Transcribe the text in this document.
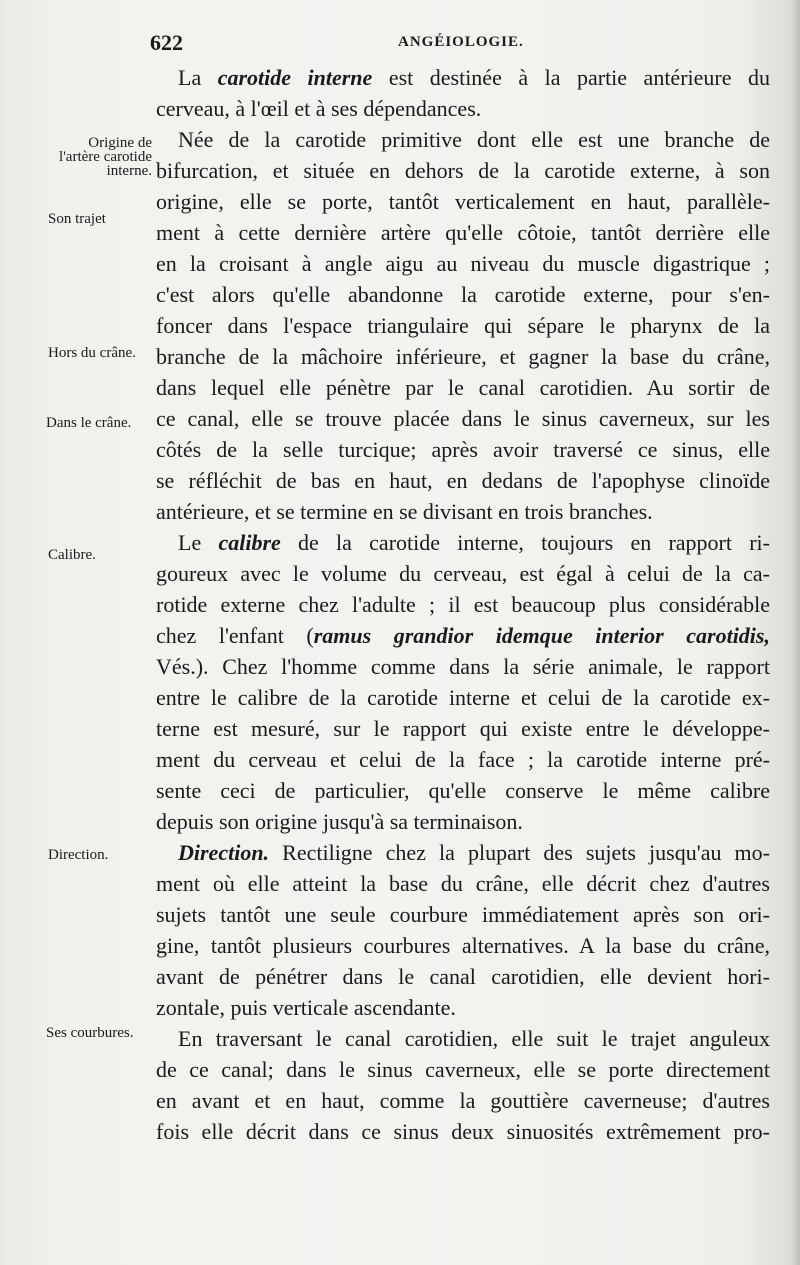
622	ANGÉIOLOGIE.
Origine de
l'artère carotide
interne.
Son trajet
Hors du crâne.
Dans le crâne.
Calibre.
Direction.
Ses courbures.
La carotide interne est destinée à la partie antérieure du
cerveau, à l'œil et à ses dépendances.
Née de la carotide primitive dont elle est une branche de
bifurcation, et située en dehors de la carotide externe, à son
origine, elle se porte, tantôt verticalement en haut, parallèle-
ment à cette dernière artère qu'elle côtoie, tantôt derrière elle
en la croisant à angle aigu au niveau du muscle digastrique ;
c'est alors qu'elle abandonne la carotide externe, pour s'en-
foncer dans l'espace triangulaire qui sépare le pharynx de la
branche de la mâchoire inférieure, et gagner la base du crâne,
dans lequel elle pénètre par le canal carotidien. Au sortir de
ce canal, elle se trouve placée dans le sinus caverneux, sur les
côtés de la selle turcique; après avoir traversé ce sinus, elle
se réfléchit de bas en haut, en dedans de l'apophyse clinoïde
antérieure, et se termine en se divisant en trois branches.
Le calibre de la carotide interne, toujours en rapport ri-
goureux avec le volume du cerveau, est égal à celui de la ca-
rotide externe chez l'adulte ; il est beaucoup plus considérable
chez l'enfant (ramus grandior idemque interior carotidis,
Vés.). Chez l'homme comme dans la série animale, le rapport
entre le calibre de la carotide interne et celui de la carotide ex-
terne est mesuré, sur le rapport qui existe entre le développe-
ment du cerveau et celui de la face ; la carotide interne pré-
sente ceci de particulier, qu'elle conserve le même calibre
depuis son origine jusqu'à sa terminaison.
Direction. Rectiligne chez la plupart des sujets jusqu'au mo-
ment où elle atteint la base du crâne, elle décrit chez d'autres
sujets tantôt une seule courbure immédiatement après son ori-
gine, tantôt plusieurs courbures alternatives. A la base du crâne,
avant de pénétrer dans le canal carotidien, elle devient hori-
zontale, puis verticale ascendante.
En traversant le canal carotidien, elle suit le trajet anguleux
de ce canal; dans le sinus caverneux, elle se porte directement
en avant et en haut, comme la gouttière caverneuse; d'autres
fois elle décrit dans ce sinus deux sinuosités extrêmement pro-
